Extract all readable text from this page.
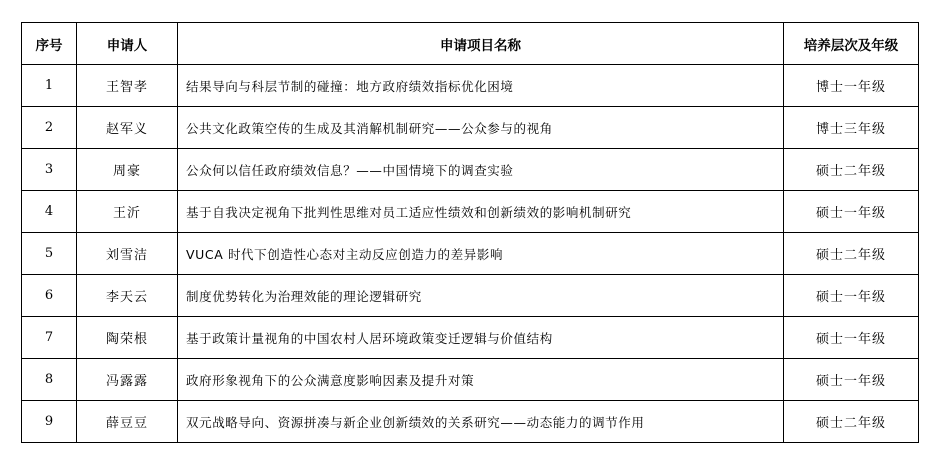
序号	申请人	申请项目名称	培养层次及年级
1	王智孝	结果导向与科层节制的碰撞：地方政府绩效指标优化困境	博士一年级
2	赵军义	公共文化政策空传的生成及其消解机制研究——公众参与的视角	博士三年级
3	周豪	公众何以信任政府绩效信息？——中国情境下的调查实验	硕士二年级
4	王沂	基于自我决定视角下批判性思维对员工适应性绩效和创新绩效的影响机制研究	硕士一年级
5	刘雪洁	VUCA 时代下创造性心态对主动反应创造力的差异影响	硕士二年级
6	李天云	制度优势转化为治理效能的理论逻辑研究	硕士一年级
7	陶荣根	基于政策计量视角的中国农村人居环境政策变迁逻辑与价值结构	硕士一年级
8	冯露露	政府形象视角下的公众满意度影响因素及提升对策	硕士一年级
9	薛豆豆	双元战略导向、资源拼凑与新企业创新绩效的关系研究——动态能力的调节作用	硕士二年级
